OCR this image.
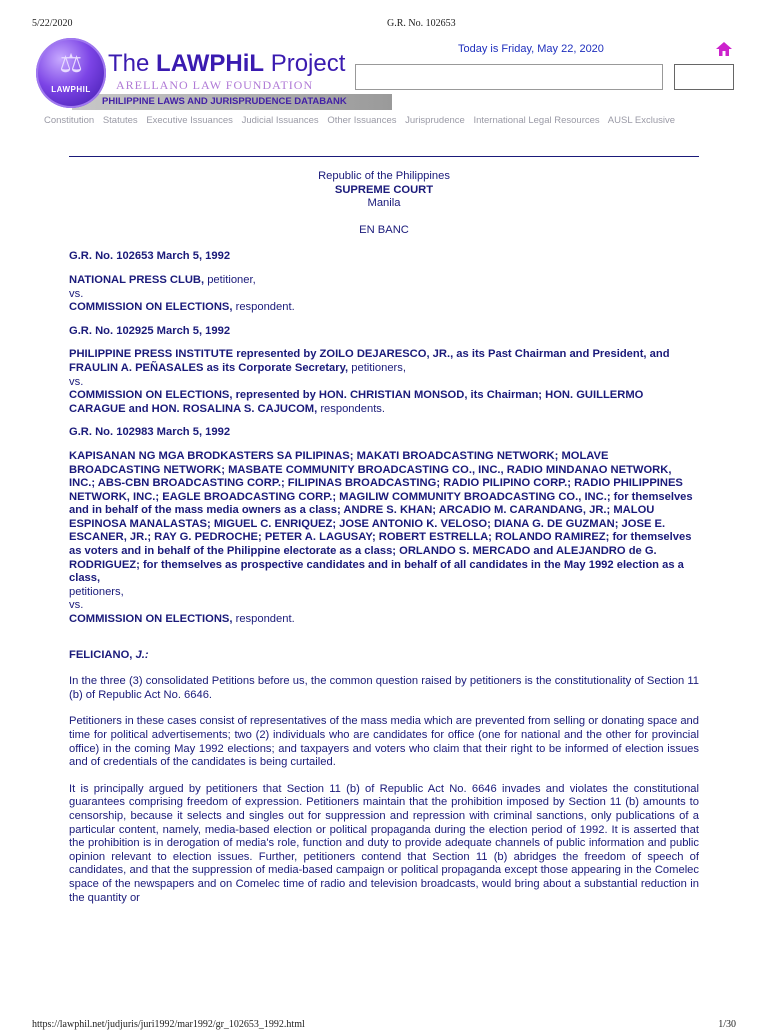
5/22/2020	G.R. No. 102653
PHILIPPINE LAWS AND JURISPRUDENCE DATABANK
⚖
LAWPHIL
The LAWPHiL Project
ARELLANO LAW FOUNDATION
Today is Friday, May 22, 2020
Constitution Statutes Executive Issuances Judicial Issuances Other Issuances Jurisprudence International Legal Resources AUSL Exclusive

Republic of the Philippines

SUPREME COURT

Manila

EN BANC

G.R. No. 102653 March 5, 1992

NATIONAL PRESS CLUB, petitioner,

vs.

COMMISSION ON ELECTIONS, respondent.

G.R. No. 102925 March 5, 1992

PHILIPPINE PRESS INSTITUTE represented by ZOILO DEJARESCO, JR., as its Past Chairman and President, and FRAULIN A. PEÑASALES as its Corporate Secretary, petitioners,

vs.

COMMISSION ON ELECTIONS, represented by HON. CHRISTIAN MONSOD, its Chairman; HON. GUILLERMO CARAGUE and HON. ROSALINA S. CAJUCOM, respondents.

G.R. No. 102983 March 5, 1992

KAPISANAN NG MGA BRODKASTERS SA PILIPINAS; MAKATI BROADCASTING NETWORK; MOLAVE BROADCASTING NETWORK; MASBATE COMMUNITY BROADCASTING CO., INC., RADIO MINDANAO NETWORK, INC.; ABS-CBN BROADCASTING CORP.; FILIPINAS BROADCASTING; RADIO PILIPINO CORP.; RADIO PHILIPPINES NETWORK, INC.; EAGLE BROADCASTING CORP.; MAGILIW COMMUNITY BROADCASTING CO., INC.; for themselves and in behalf of the mass media owners as a class; ANDRE S. KHAN; ARCADIO M. CARANDANG, JR.; MALOU ESPINOSA MANALASTAS; MIGUEL C. ENRIQUEZ; JOSE ANTONIO K. VELOSO; DIANA G. DE GUZMAN; JOSE E. ESCANER, JR.; RAY G. PEDROCHE; PETER A. LAGUSAY; ROBERT ESTRELLA; ROLANDO RAMIREZ; for themselves as voters and in behalf of the Philippine electorate as a class; ORLANDO S. MERCADO and ALEJANDRO de G. RODRIGUEZ; for themselves as prospective candidates and in behalf of all candidates in the May 1992 election as a class,

petitioners,

vs.

COMMISSION ON ELECTIONS, respondent.

FELICIANO, J.:

In the three (3) consolidated Petitions before us, the common question raised by petitioners is the constitutionality of Section 11 (b) of Republic Act No. 6646.

Petitioners in these cases consist of representatives of the mass media which are prevented from selling or donating space and time for political advertisements; two (2) individuals who are candidates for office (one for national and the other for provincial office) in the coming May 1992 elections; and taxpayers and voters who claim that their right to be informed of election issues and of credentials of the candidates is being curtailed.

It is principally argued by petitioners that Section 11 (b) of Republic Act No. 6646 invades and violates the constitutional guarantees comprising freedom of expression. Petitioners maintain that the prohibition imposed by Section 11 (b) amounts to censorship, because it selects and singles out for suppression and repression with criminal sanctions, only publications of a particular content, namely, media-based election or political propaganda during the election period of 1992. It is asserted that the prohibition is in derogation of media's role, function and duty to provide adequate channels of public information and public opinion relevant to election issues. Further, petitioners contend that Section 11 (b) abridges the freedom of speech of candidates, and that the suppression of media-based campaign or political propaganda except those appearing in the Comelec space of the newspapers and on Comelec time of radio and television broadcasts, would bring about a substantial reduction in the quantity or

https://lawphil.net/judjuris/juri1992/mar1992/gr_102653_1992.html	1/30
